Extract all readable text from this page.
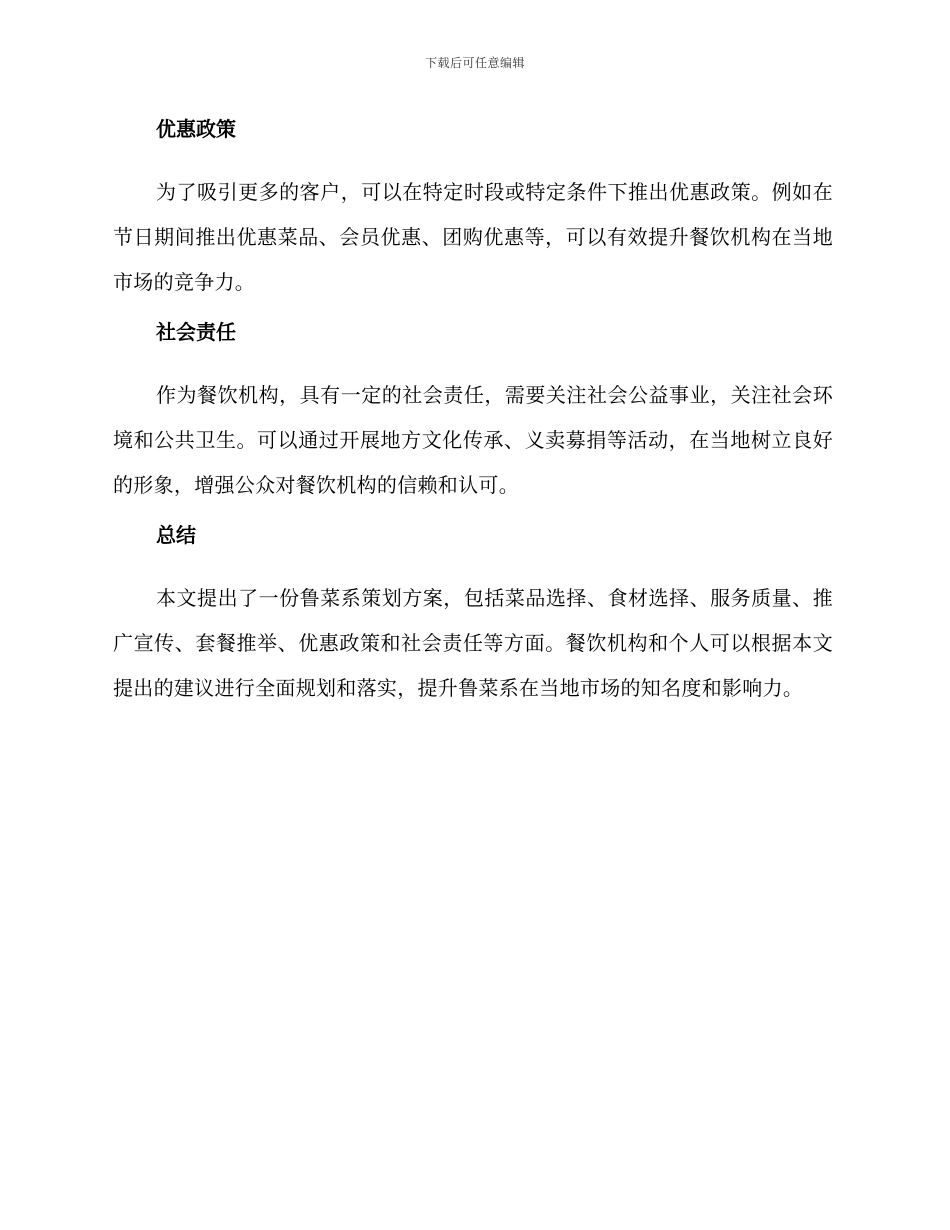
下载后可任意编辑
优惠政策

为了吸引更多的客户，可以在特定时段或特定条件下推出优惠政策。例如在节日期间推出优惠菜品、会员优惠、团购优惠等，可以有效提升餐饮机构在当地市场的竞争力。

社会责任

作为餐饮机构，具有一定的社会责任，需要关注社会公益事业，关注社会环境和公共卫生。可以通过开展地方文化传承、义卖募捐等活动，在当地树立良好的形象，增强公众对餐饮机构的信赖和认可。

总结

本文提出了一份鲁菜系策划方案，包括菜品选择、食材选择、服务质量、推广宣传、套餐推举、优惠政策和社会责任等方面。餐饮机构和个人可以根据本文提出的建议进行全面规划和落实，提升鲁菜系在当地市场的知名度和影响力。
